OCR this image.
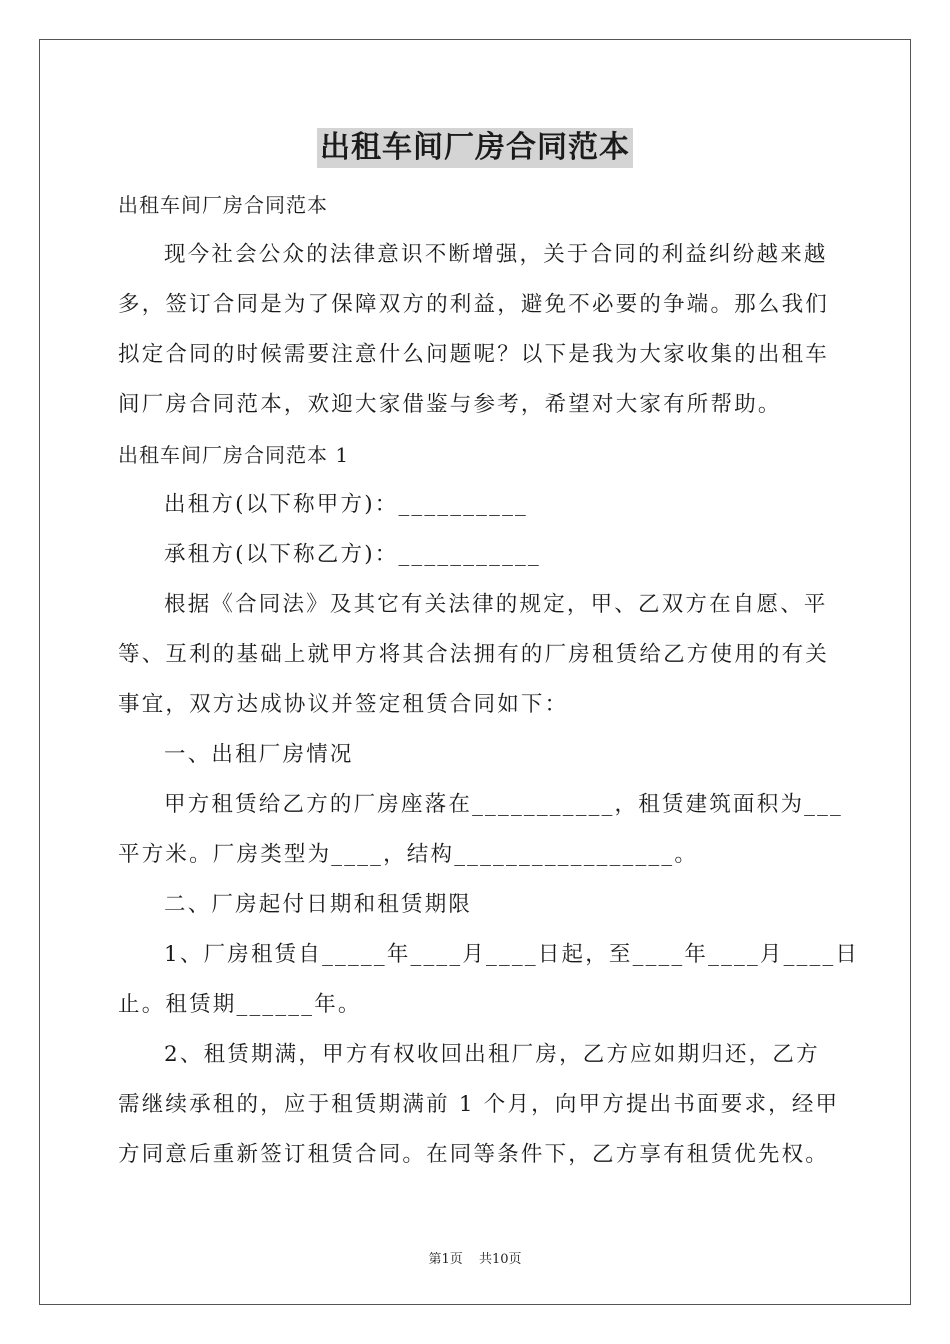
出租车间厂房合同范本
出租车间厂房合同范本
现今社会公众的法律意识不断增强，关于合同的利益纠纷越来越
多，签订合同是为了保障双方的利益，避免不必要的争端。那么我们
拟定合同的时候需要注意什么问题呢？以下是我为大家收集的出租车
间厂房合同范本，欢迎大家借鉴与参考，希望对大家有所帮助。
出租车间厂房合同范本 1
出租方(以下称甲方)：__________
承租方(以下称乙方)：___________
根据《合同法》及其它有关法律的规定，甲、乙双方在自愿、平
等、互利的基础上就甲方将其合法拥有的厂房租赁给乙方使用的有关
事宜，双方达成协议并签定租赁合同如下：
一、出租厂房情况
甲方租赁给乙方的厂房座落在___________，租赁建筑面积为___
平方米。厂房类型为____，结构_________________。
二、厂房起付日期和租赁期限
1、厂房租赁自_____年____月____日起，至____年____月____日
止。租赁期______年。
2、租赁期满，甲方有权收回出租厂房，乙方应如期归还，乙方
需继续承租的，应于租赁期满前 1 个月，向甲方提出书面要求，经甲
方同意后重新签订租赁合同。在同等条件下，乙方享有租赁优先权。
第1页 共10页
